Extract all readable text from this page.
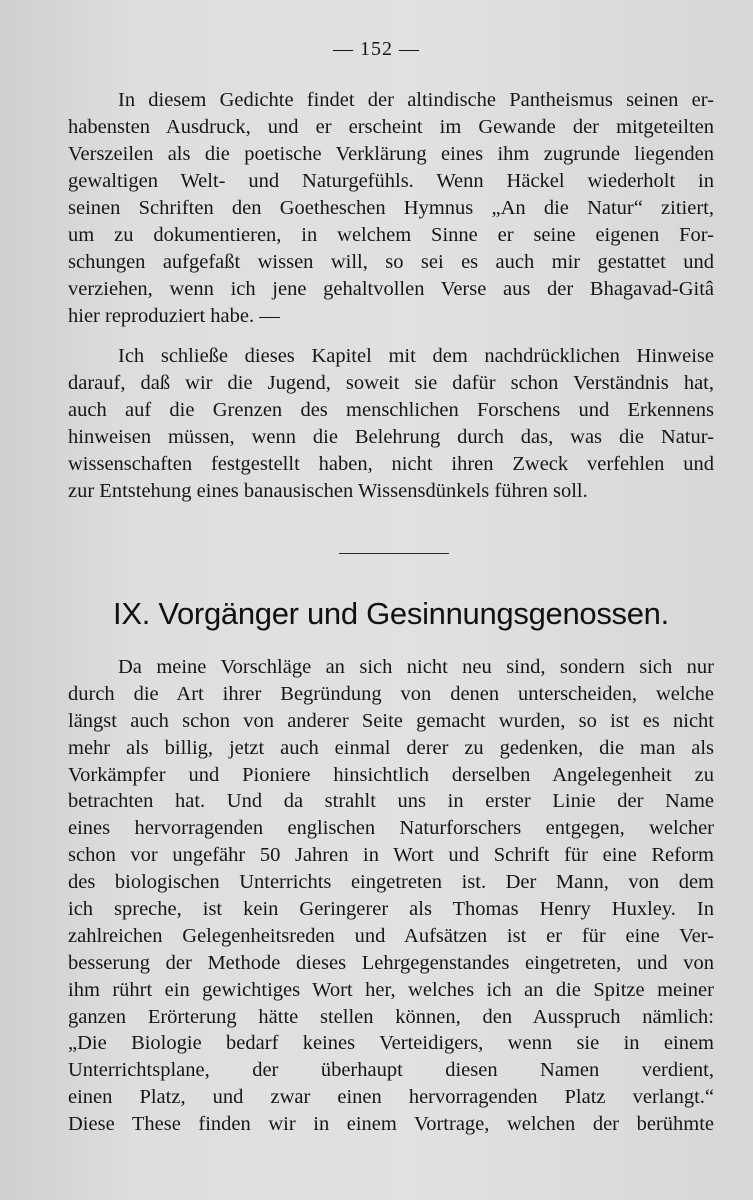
— 152 —
In diesem Gedichte findet der altindische Pantheismus seinen er-
habensten Ausdruck, und er erscheint im Gewande der mitgeteilten
Verszeilen als die poetische Verklärung eines ihm zugrunde liegenden
gewaltigen Welt- und Naturgefühls. Wenn Häckel wiederholt in
seinen Schriften den Goetheschen Hymnus „An die Natur“ zitiert,
um zu dokumentieren, in welchem Sinne er seine eigenen For-
schungen aufgefaßt wissen will, so sei es auch mir gestattet und
verziehen, wenn ich jene gehaltvollen Verse aus der Bhagavad-Gitâ
hier reproduziert habe. —
Ich schließe dieses Kapitel mit dem nachdrücklichen Hinweise
darauf, daß wir die Jugend, soweit sie dafür schon Verständnis hat,
auch auf die Grenzen des menschlichen Forschens und Erkennens
hinweisen müssen, wenn die Belehrung durch das, was die Natur-
wissenschaften festgestellt haben, nicht ihren Zweck verfehlen und
zur Entstehung eines banausischen Wissensdünkels führen soll.
IX. Vorgänger und Gesinnungsgenossen.
Da meine Vorschläge an sich nicht neu sind, sondern sich nur
durch die Art ihrer Begründung von denen unterscheiden, welche
längst auch schon von anderer Seite gemacht wurden, so ist es nicht
mehr als billig, jetzt auch einmal derer zu gedenken, die man als
Vorkämpfer und Pioniere hinsichtlich derselben Angelegenheit zu
betrachten hat. Und da strahlt uns in erster Linie der Name
eines hervorragenden englischen Naturforschers entgegen, welcher
schon vor ungefähr 50 Jahren in Wort und Schrift für eine Reform
des biologischen Unterrichts eingetreten ist. Der Mann, von dem
ich spreche, ist kein Geringerer als Thomas Henry Huxley. In
zahlreichen Gelegenheitsreden und Aufsätzen ist er für eine Ver-
besserung der Methode dieses Lehrgegenstandes eingetreten, und von
ihm rührt ein gewichtiges Wort her, welches ich an die Spitze meiner
ganzen Erörterung hätte stellen können, den Ausspruch nämlich:
„Die Biologie bedarf keines Verteidigers, wenn sie in einem
Unterrichtsplane, der überhaupt diesen Namen verdient,
einen Platz, und zwar einen hervorragenden Platz verlangt.“
Diese These finden wir in einem Vortrage, welchen der berühmte
